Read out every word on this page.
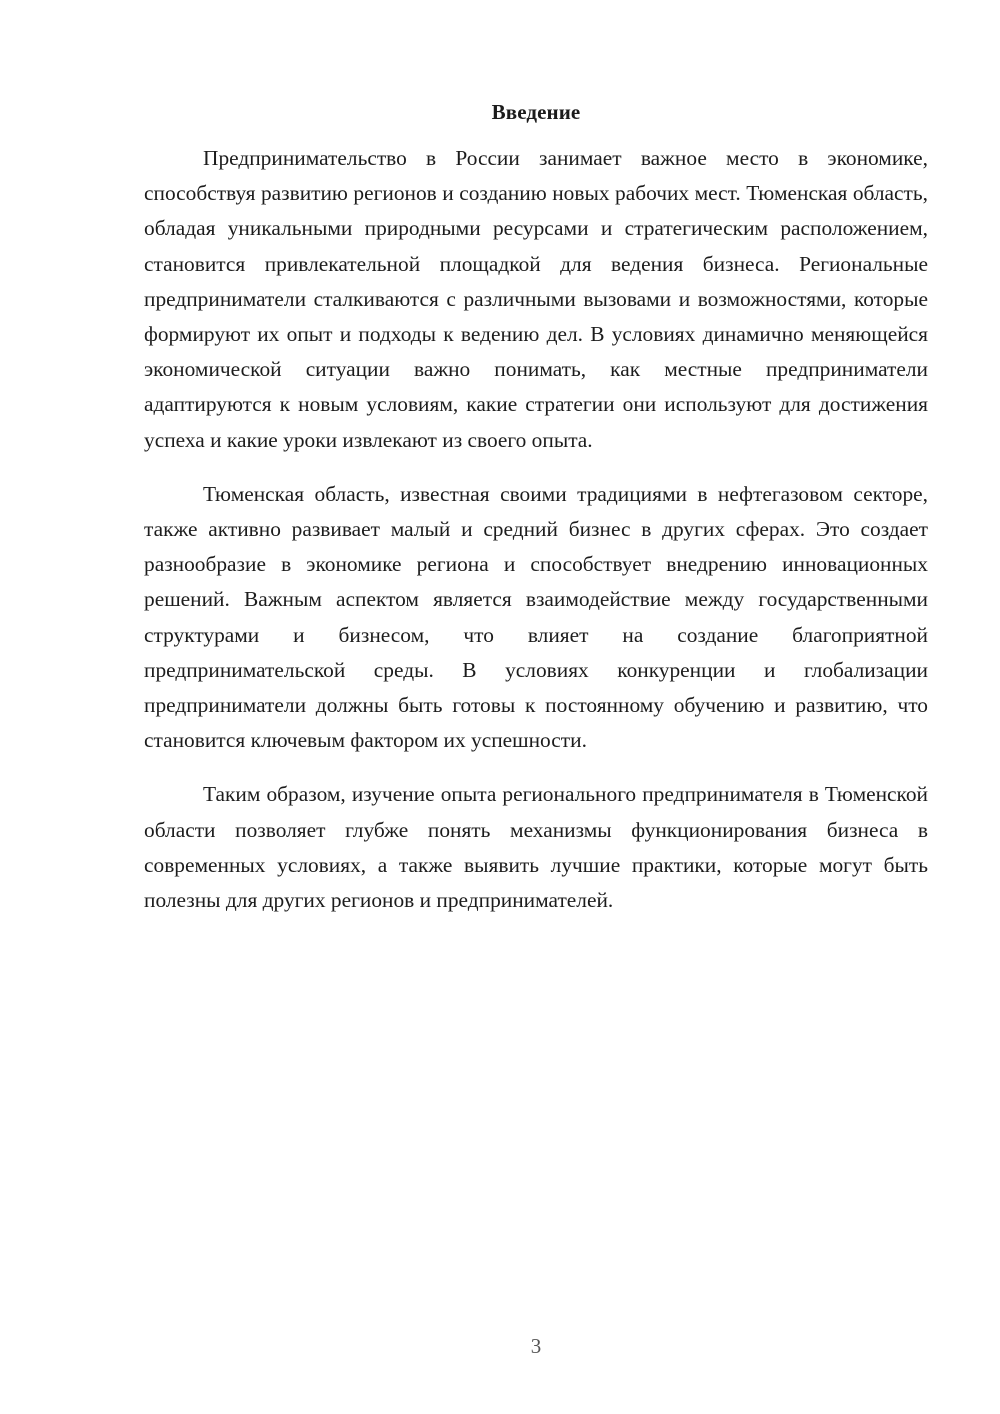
Введение

Предпринимательство в России занимает важное место в экономике, способствуя развитию регионов и созданию новых рабочих мест. Тюменская область, обладая уникальными природными ресурсами и стратегическим расположением, становится привлекательной площадкой для ведения бизнеса. Региональные предприниматели сталкиваются с различными вызовами и возможностями, которые формируют их опыт и подходы к ведению дел. В условиях динамично меняющейся экономической ситуации важно понимать, как местные предприниматели адаптируются к новым условиям, какие стратегии они используют для достижения успеха и какие уроки извлекают из своего опыта.

Тюменская область, известная своими традициями в нефтегазовом секторе, также активно развивает малый и средний бизнес в других сферах. Это создает разнообразие в экономике региона и способствует внедрению инновационных решений. Важным аспектом является взаимодействие между государственными структурами и бизнесом, что влияет на создание благоприятной предпринимательской среды. В условиях конкуренции и глобализации предприниматели должны быть готовы к постоянному обучению и развитию, что становится ключевым фактором их успешности.

Таким образом, изучение опыта регионального предпринимателя в Тюменской области позволяет глубже понять механизмы функционирования бизнеса в современных условиях, а также выявить лучшие практики, которые могут быть полезны для других регионов и предпринимателей.

3
